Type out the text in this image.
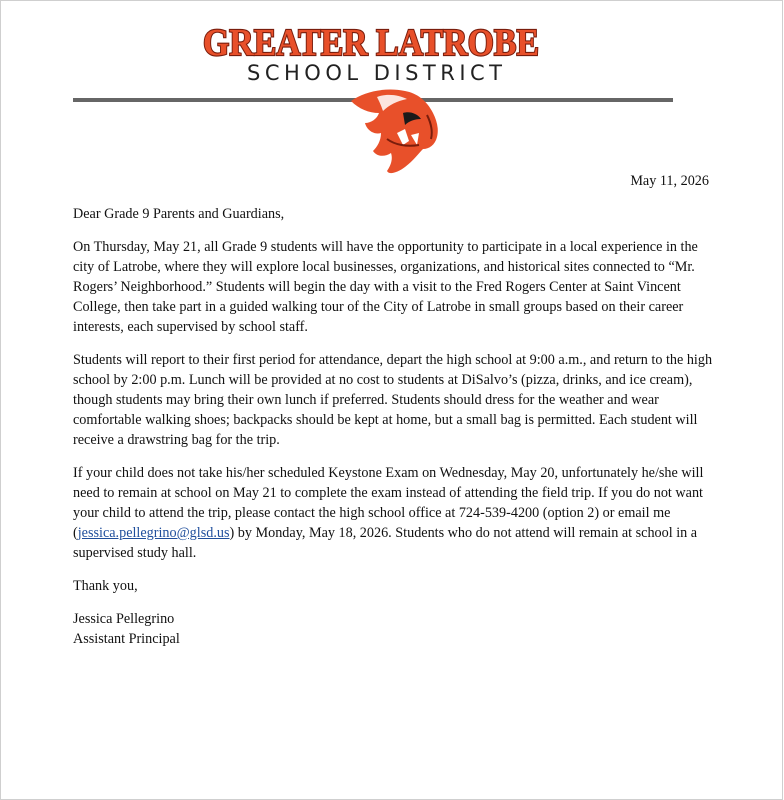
GREATER LATROBE
SCHOOL DISTRICT

May 11, 2026

Dear Grade 9 Parents and Guardians,

On Thursday, May 21, all Grade 9 students will have the opportunity to participate in a local experience in the city of Latrobe, where they will explore local businesses, organizations, and historical sites connected to “Mr. Rogers’ Neighborhood.” Students will begin the day with a visit to the Fred Rogers Center at Saint Vincent College, then take part in a guided walking tour of the City of Latrobe in small groups based on their career interests, each supervised by school staff.

Students will report to their first period for attendance, depart the high school at 9:00 a.m., and return to the high school by 2:00 p.m. Lunch will be provided at no cost to students at DiSalvo’s (pizza, drinks, and ice cream), though students may bring their own lunch if preferred. Students should dress for the weather and wear comfortable walking shoes; backpacks should be kept at home, but a small bag is permitted. Each student will receive a drawstring bag for the trip.

If your child does not take his/her scheduled Keystone Exam on Wednesday, May 20, unfortunately he/she will need to remain at school on May 21 to complete the exam instead of attending the field trip. If you do not want your child to attend the trip, please contact the high school office at 724-539-4200 (option 2) or email me (jessica.pellegrino@glsd.us) by Monday, May 18, 2026. Students who do not attend will remain at school in a supervised study hall.

Thank you,

Jessica Pellegrino

Assistant Principal
